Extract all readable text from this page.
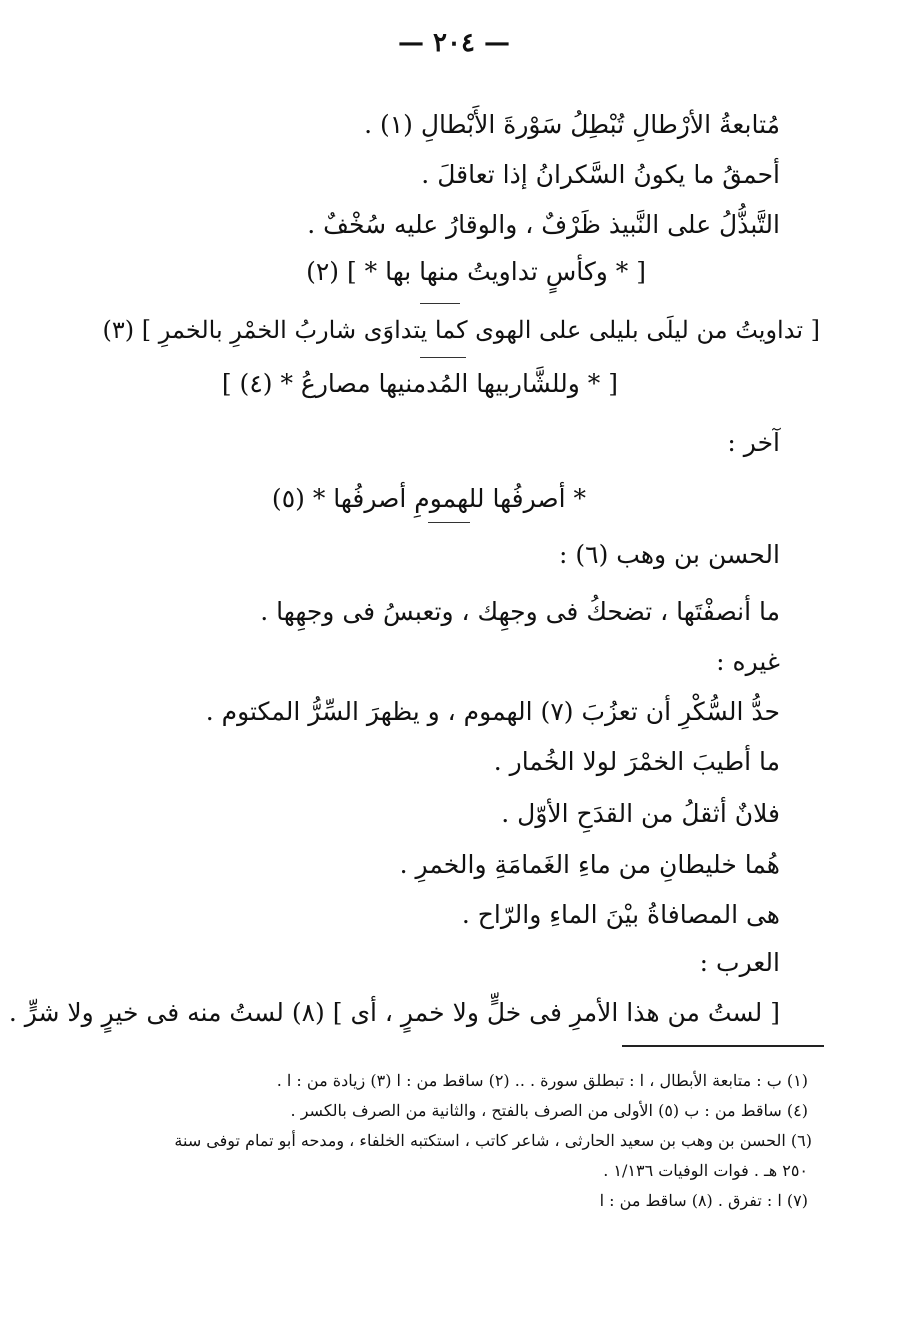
— ٢٠٤ —
مُتابعةُ الأرْطالِ تُبْطِلُ سَوْرةَ الأَبْطالِ (١) .
أحمقُ ما يكونُ السَّكرانُ إذا تعاقلَ .
التَّبذُّلُ على النَّبيذ ظَرْفٌ ، والوقارُ عليه سُخْفٌ .
[ * وكأسٍ تداويتُ منها بها * ] (٢)
[ تداويتُ من ليلَى بليلى على الهوى كما يتداوَى شاربُ الخمْرِ بالخمرِ ] (٣)
[ * وللشَّاربيها المُدمنيها مصارعُ * (٤) ]
آخر :
* أصرفُها للهمومِ أصرفُها * (٥)
الحسن بن وهب (٦) :
ما أنصفْتَها ، تضحكُ فى وجهِك ، وتعبسُ فى وجهِها .
غيره :
حدُّ السُّكْرِ أن تعزُبَ (٧) الهموم ، و يظهرَ السِّرُّ المكتوم .
ما أطيبَ الخمْرَ لولا الخُمار .
فلانٌ أثقلُ من القدَحِ الأوّل .
هُما خليطانِ من ماءِ الغَمامَةِ والخمرِ .
هى المصافاةُ بيْنَ الماءِ والرّاح .
العرب :
[ لستُ من هذا الأمرِ فى خلٍّ ولا خمرٍ ، أى ] (٨) لستُ منه فى خيرٍ ولا شرٍّ .
(١) ب : متابعة الأبطال ، ا : تبطلق سورة . .. (٢) ساقط من : ا (٣) زيادة من : ا .
(٤) ساقط من : ب (٥) الأولى من الصرف بالفتح ، والثانية من الصرف بالكسر .
(٦) الحسن بن وهب بن سعيد الحارثى ، شاعر كاتب ، استكتبه الخلفاء ، ومدحه أبو تمام توفى سنة
٢٥٠ هـ . فوات الوفيات ١/١٣٦ .
(٧) ا : تفرق . (٨) ساقط من : ا
